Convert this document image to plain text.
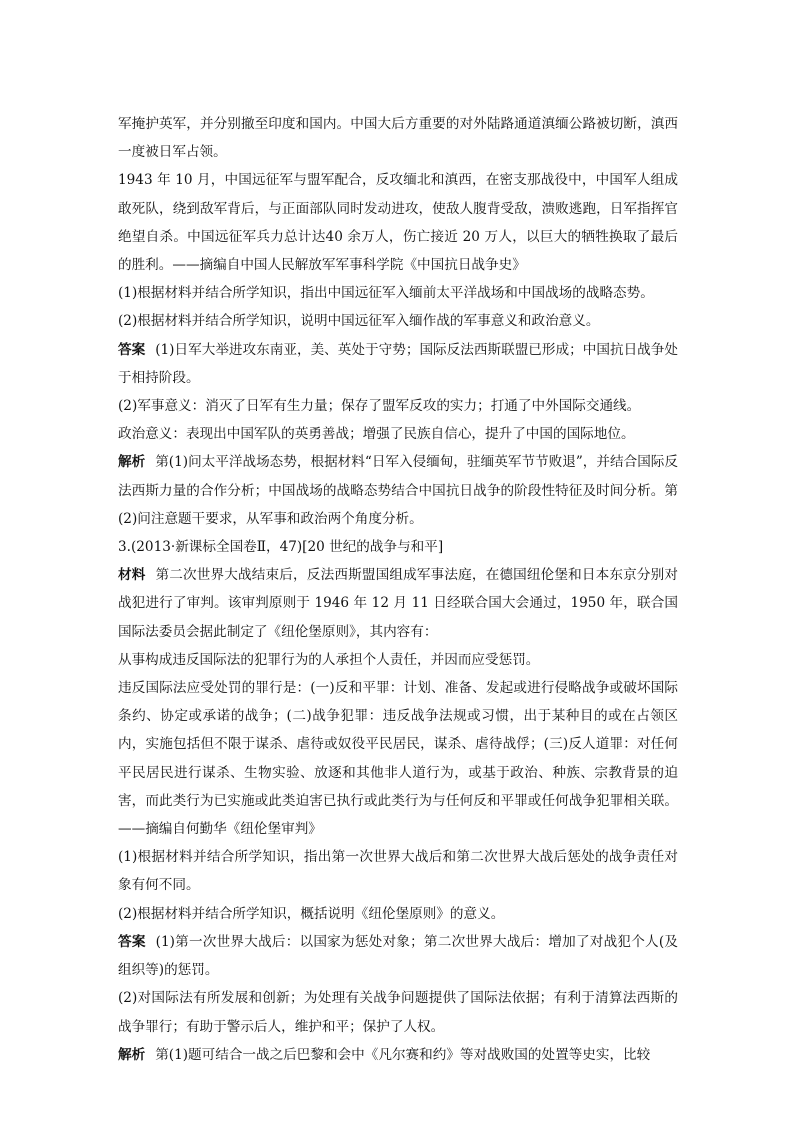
军掩护英军，并分别撤至印度和国内。中国大后方重要的对外陆路通道滇缅公路被切断，滇西一度被日军占领。

1943 年 10 月，中国远征军与盟军配合，反攻缅北和滇西，在密支那战役中，中国军人组成敢死队，绕到敌军背后，与正面部队同时发动进攻，使敌人腹背受敌，溃败逃跑，日军指挥官绝望自杀。中国远征军兵力总计达40 余万人，伤亡接近 20 万人，以巨大的牺牲换取了最后的胜利。——摘编自中国人民解放军军事科学院《中国抗日战争史》

(1)根据材料并结合所学知识，指出中国远征军入缅前太平洋战场和中国战场的战略态势。

(2)根据材料并结合所学知识，说明中国远征军入缅作战的军事意义和政治意义。

答案 (1)日军大举进攻东南亚，美、英处于守势；国际反法西斯联盟已形成；中国抗日战争处于相持阶段。

(2)军事意义：消灭了日军有生力量；保存了盟军反攻的实力；打通了中外国际交通线。

政治意义：表现出中国军队的英勇善战；增强了民族自信心，提升了中国的国际地位。

解析 第(1)问太平洋战场态势，根据材料“日军入侵缅甸，驻缅英军节节败退”，并结合国际反法西斯力量的合作分析；中国战场的战略态势结合中国抗日战争的阶段性特征及时间分析。第(2)问注意题干要求，从军事和政治两个角度分析。

3.(2013·新课标全国卷Ⅱ，47)[20 世纪的战争与和平]

材料 第二次世界大战结束后，反法西斯盟国组成军事法庭，在德国纽伦堡和日本东京分别对战犯进行了审判。该审判原则于 1946 年 12 月 11 日经联合国大会通过，1950 年，联合国国际法委员会据此制定了《纽伦堡原则》，其内容有：

从事构成违反国际法的犯罪行为的人承担个人责任，并因而应受惩罚。

违反国际法应受处罚的罪行是：(一)反和平罪：计划、准备、发起或进行侵略战争或破坏国际条约、协定或承诺的战争；(二)战争犯罪：违反战争法规或习惯，出于某种目的或在占领区内，实施包括但不限于谋杀、虐待或奴役平民居民，谋杀、虐待战俘；(三)反人道罪：对任何平民居民进行谋杀、生物实验、放逐和其他非人道行为，或基于政治、种族、宗教背景的迫害，而此类行为已实施或此类迫害已执行或此类行为与任何反和平罪或任何战争犯罪相关联。——摘编自何勤华《纽伦堡审判》

(1)根据材料并结合所学知识，指出第一次世界大战后和第二次世界大战后惩处的战争责任对象有何不同。

(2)根据材料并结合所学知识，概括说明《纽伦堡原则》的意义。

答案 (1)第一次世界大战后：以国家为惩处对象；第二次世界大战后：增加了对战犯个人(及组织等)的惩罚。

(2)对国际法有所发展和创新；为处理有关战争问题提供了国际法依据；有利于清算法西斯的战争罪行；有助于警示后人，维护和平；保护了人权。

解析 第(1)题可结合一战之后巴黎和会中《凡尔赛和约》等对战败国的处置等史实，比较
